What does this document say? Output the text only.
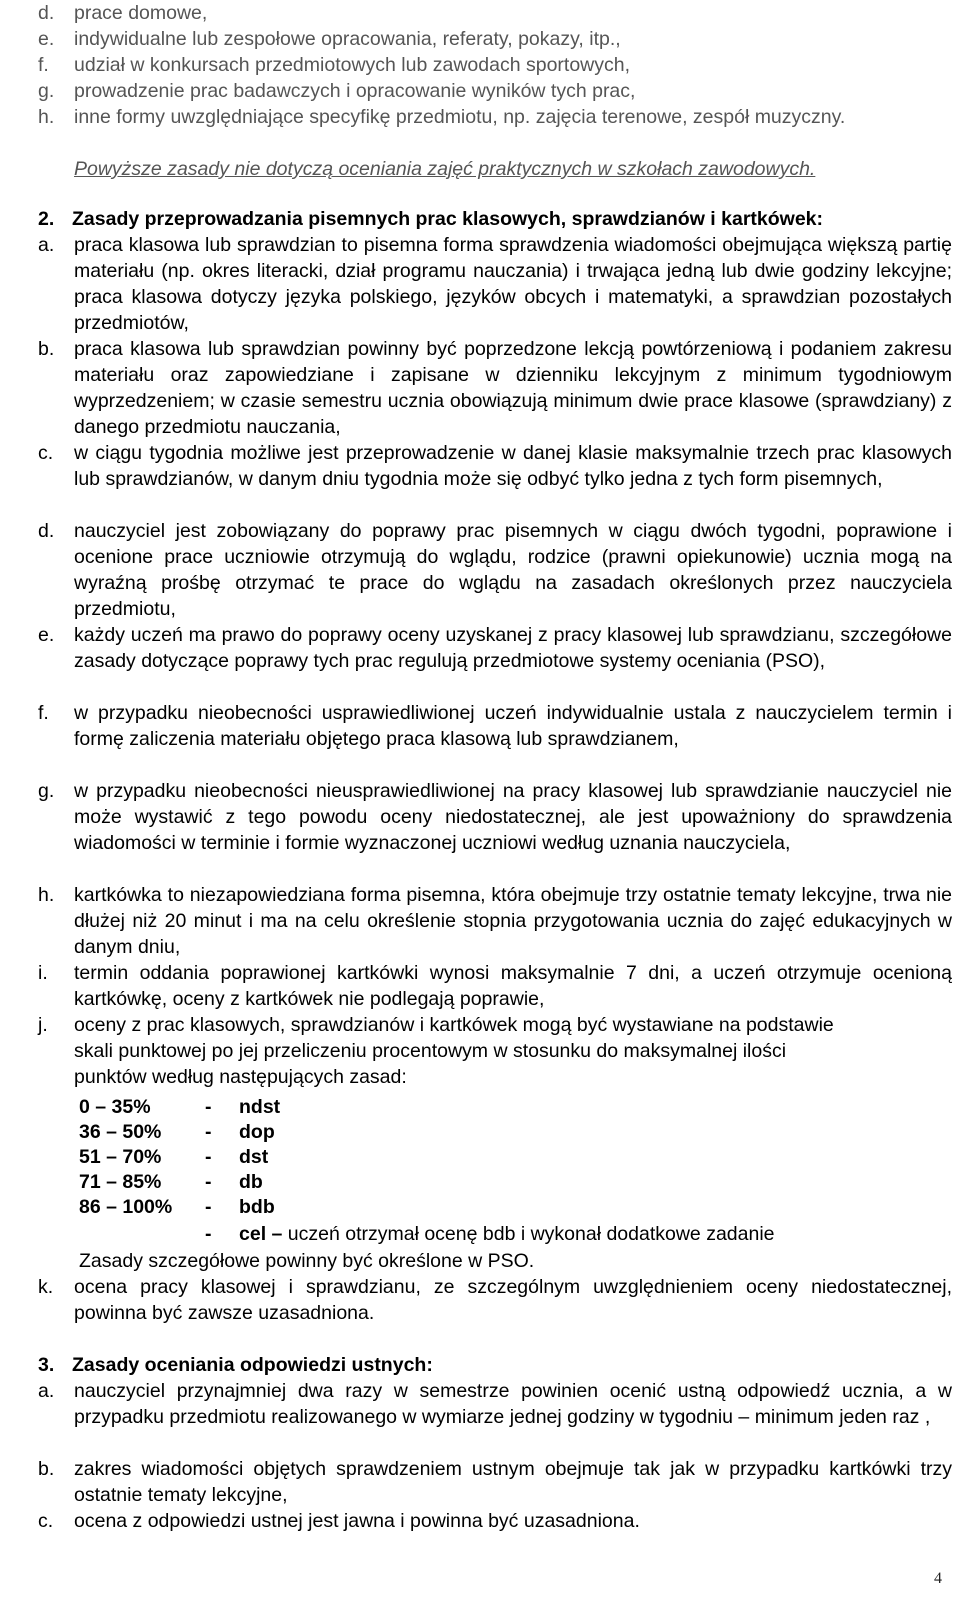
d. prace domowe,
e. indywidualne lub zespołowe opracowania, referaty, pokazy, itp.,
f. udział w konkursach przedmiotowych lub zawodach sportowych,
g. prowadzenie prac badawczych i opracowanie wyników tych prac,
h. inne formy uwzględniające specyfikę przedmiotu, np. zajęcia terenowe, zespół muzyczny.
Powyższe zasady nie dotyczą oceniania zajęć praktycznych w szkołach zawodowych.
2. Zasady przeprowadzania pisemnych prac klasowych, sprawdzianów i kartkówek:
a. praca klasowa lub sprawdzian to pisemna forma sprawdzenia wiadomości obejmująca większą partię materiału (np. okres literacki, dział programu nauczania) i trwająca jedną lub dwie godziny lekcyjne; praca klasowa dotyczy języka polskiego, języków obcych i matematyki, a sprawdzian pozostałych przedmiotów,
b. praca klasowa lub sprawdzian powinny być poprzedzone lekcją powtórzeniową i podaniem zakresu materiału oraz zapowiedziane i zapisane w dzienniku lekcyjnym z minimum tygodniowym wyprzedzeniem; w czasie semestru ucznia obowiązują minimum dwie prace klasowe (sprawdziany) z danego przedmiotu nauczania,
c. w ciągu tygodnia możliwe jest przeprowadzenie w danej klasie maksymalnie trzech prac klasowych lub sprawdzianów, w danym dniu tygodnia może się odbyć tylko jedna z tych form pisemnych,
d. nauczyciel jest zobowiązany do poprawy prac pisemnych w ciągu dwóch tygodni, poprawione i ocenione prace uczniowie otrzymują do wglądu, rodzice (prawni opiekunowie) ucznia mogą na wyraźną prośbę otrzymać te prace do wglądu na zasadach określonych przez nauczyciela przedmiotu,
e. każdy uczeń ma prawo do poprawy oceny uzyskanej z pracy klasowej lub sprawdzianu, szczegółowe zasady dotyczące poprawy tych prac regulują przedmiotowe systemy oceniania (PSO),
f. w przypadku nieobecności usprawiedliwionej uczeń indywidualnie ustala z nauczycielem termin i formę zaliczenia materiału objętego praca klasową lub sprawdzianem,
g. w przypadku nieobecności nieusprawiedliwionej na pracy klasowej lub sprawdzianie nauczyciel nie może wystawić z tego powodu oceny niedostatecznej, ale jest upoważniony do sprawdzenia wiadomości w terminie i formie wyznaczonej uczniowi według uznania nauczyciela,
h. kartkówka to niezapowiedziana forma pisemna, która obejmuje trzy ostatnie tematy lekcyjne, trwa nie dłużej niż 20 minut i ma na celu określenie stopnia przygotowania ucznia do zajęć edukacyjnych w danym dniu,
i. termin oddania poprawionej kartkówki wynosi maksymalnie 7 dni, a uczeń otrzymuje ocenioną kartkówkę, oceny z kartkówek nie podlegają poprawie,
j. oceny z prac klasowych, sprawdzianów i kartkówek mogą być wystawiane na podstawie skali punktowej po jej przeliczeniu procentowym w stosunku do maksymalnej ilości punktów według następujących zasad:
0 – 35%	- ndst
36 – 50% - dop
51 – 70% - dst
71 – 85% - db
86 – 100% - bdb
- cel – uczeń otrzymał ocenę bdb i wykonał dodatkowe zadanie
Zasady szczegółowe powinny być określone w PSO.
k. ocena pracy klasowej i sprawdzianu, ze szczególnym uwzględnieniem oceny niedostatecznej, powinna być zawsze uzasadniona.
3. Zasady oceniania odpowiedzi ustnych:
a. nauczyciel przynajmniej dwa razy w semestrze powinien ocenić ustną odpowiedź ucznia, a w przypadku przedmiotu realizowanego w wymiarze jednej godziny w tygodniu – minimum jeden raz ,
b. zakres wiadomości objętych sprawdzeniem ustnym obejmuje tak jak w przypadku kartkówki trzy ostatnie tematy lekcyjne,
c. ocena z odpowiedzi ustnej jest jawna i powinna być uzasadniona.
4
